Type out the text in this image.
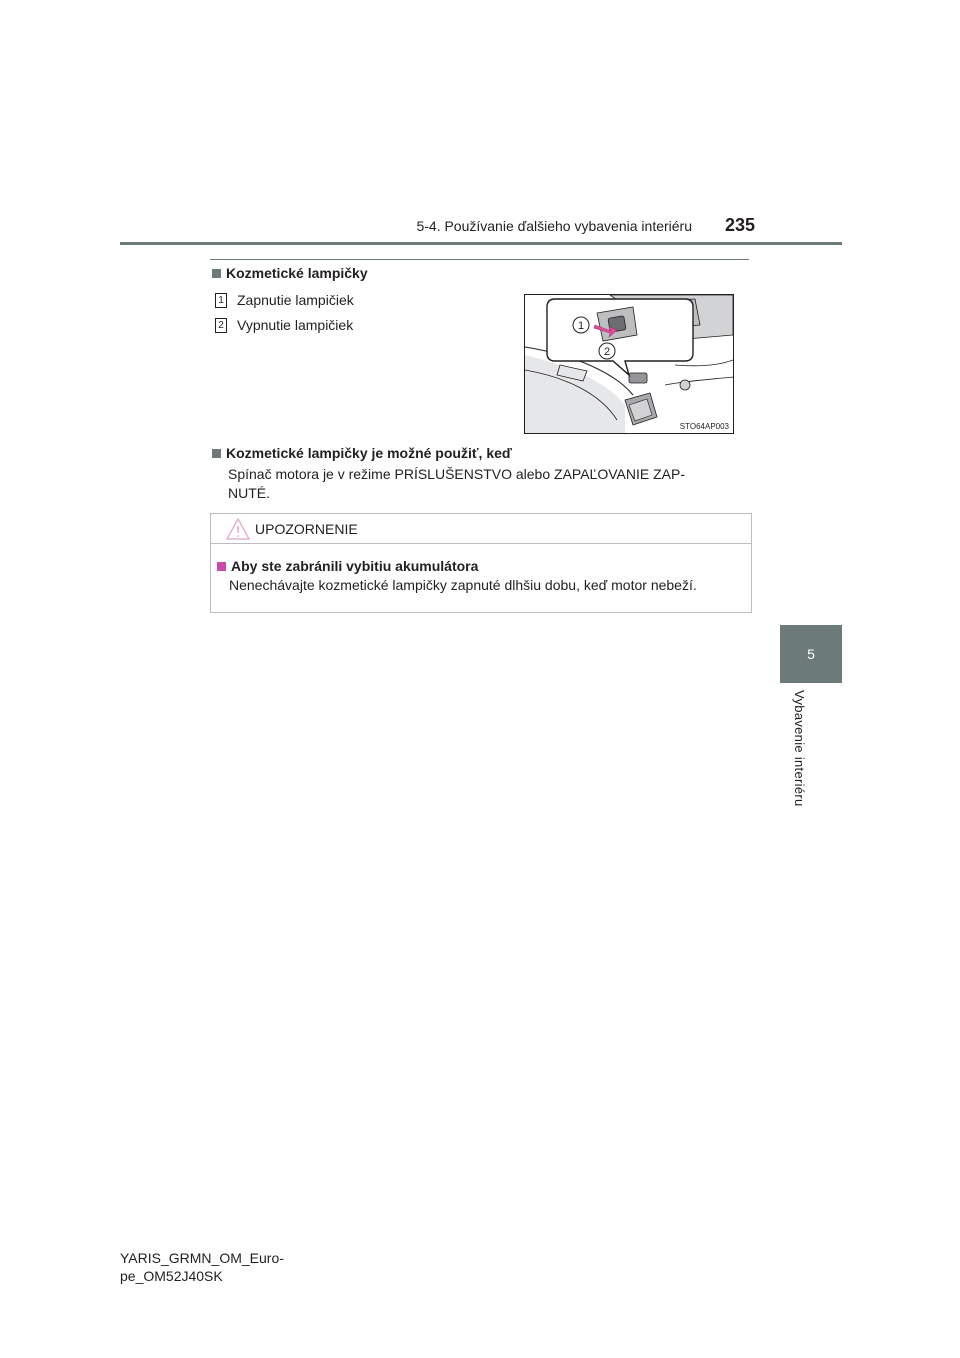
5-4. Používanie ďalšieho vybavenia interiéru 235
5
Vybavenie interiéru
Kozmetické lampičky
1 Zapnutie lampičiek
2 Vypnutie lampičiek	1
2
STO64AP003
Kozmetické lampičky je možné použiť, keď
Spínač motora je v režime PRÍSLUŠENSTVO alebo ZAPAĽOVANIE ZAP-
NUTÉ.
UPOZORNENIE
Aby ste zabránili vybitiu akumulátora
Nenechávajte kozmetické lampičky zapnuté dlhšiu dobu, keď motor nebeží.
YARIS_GRMN_OM_Euro-
pe_OM52J40SK
